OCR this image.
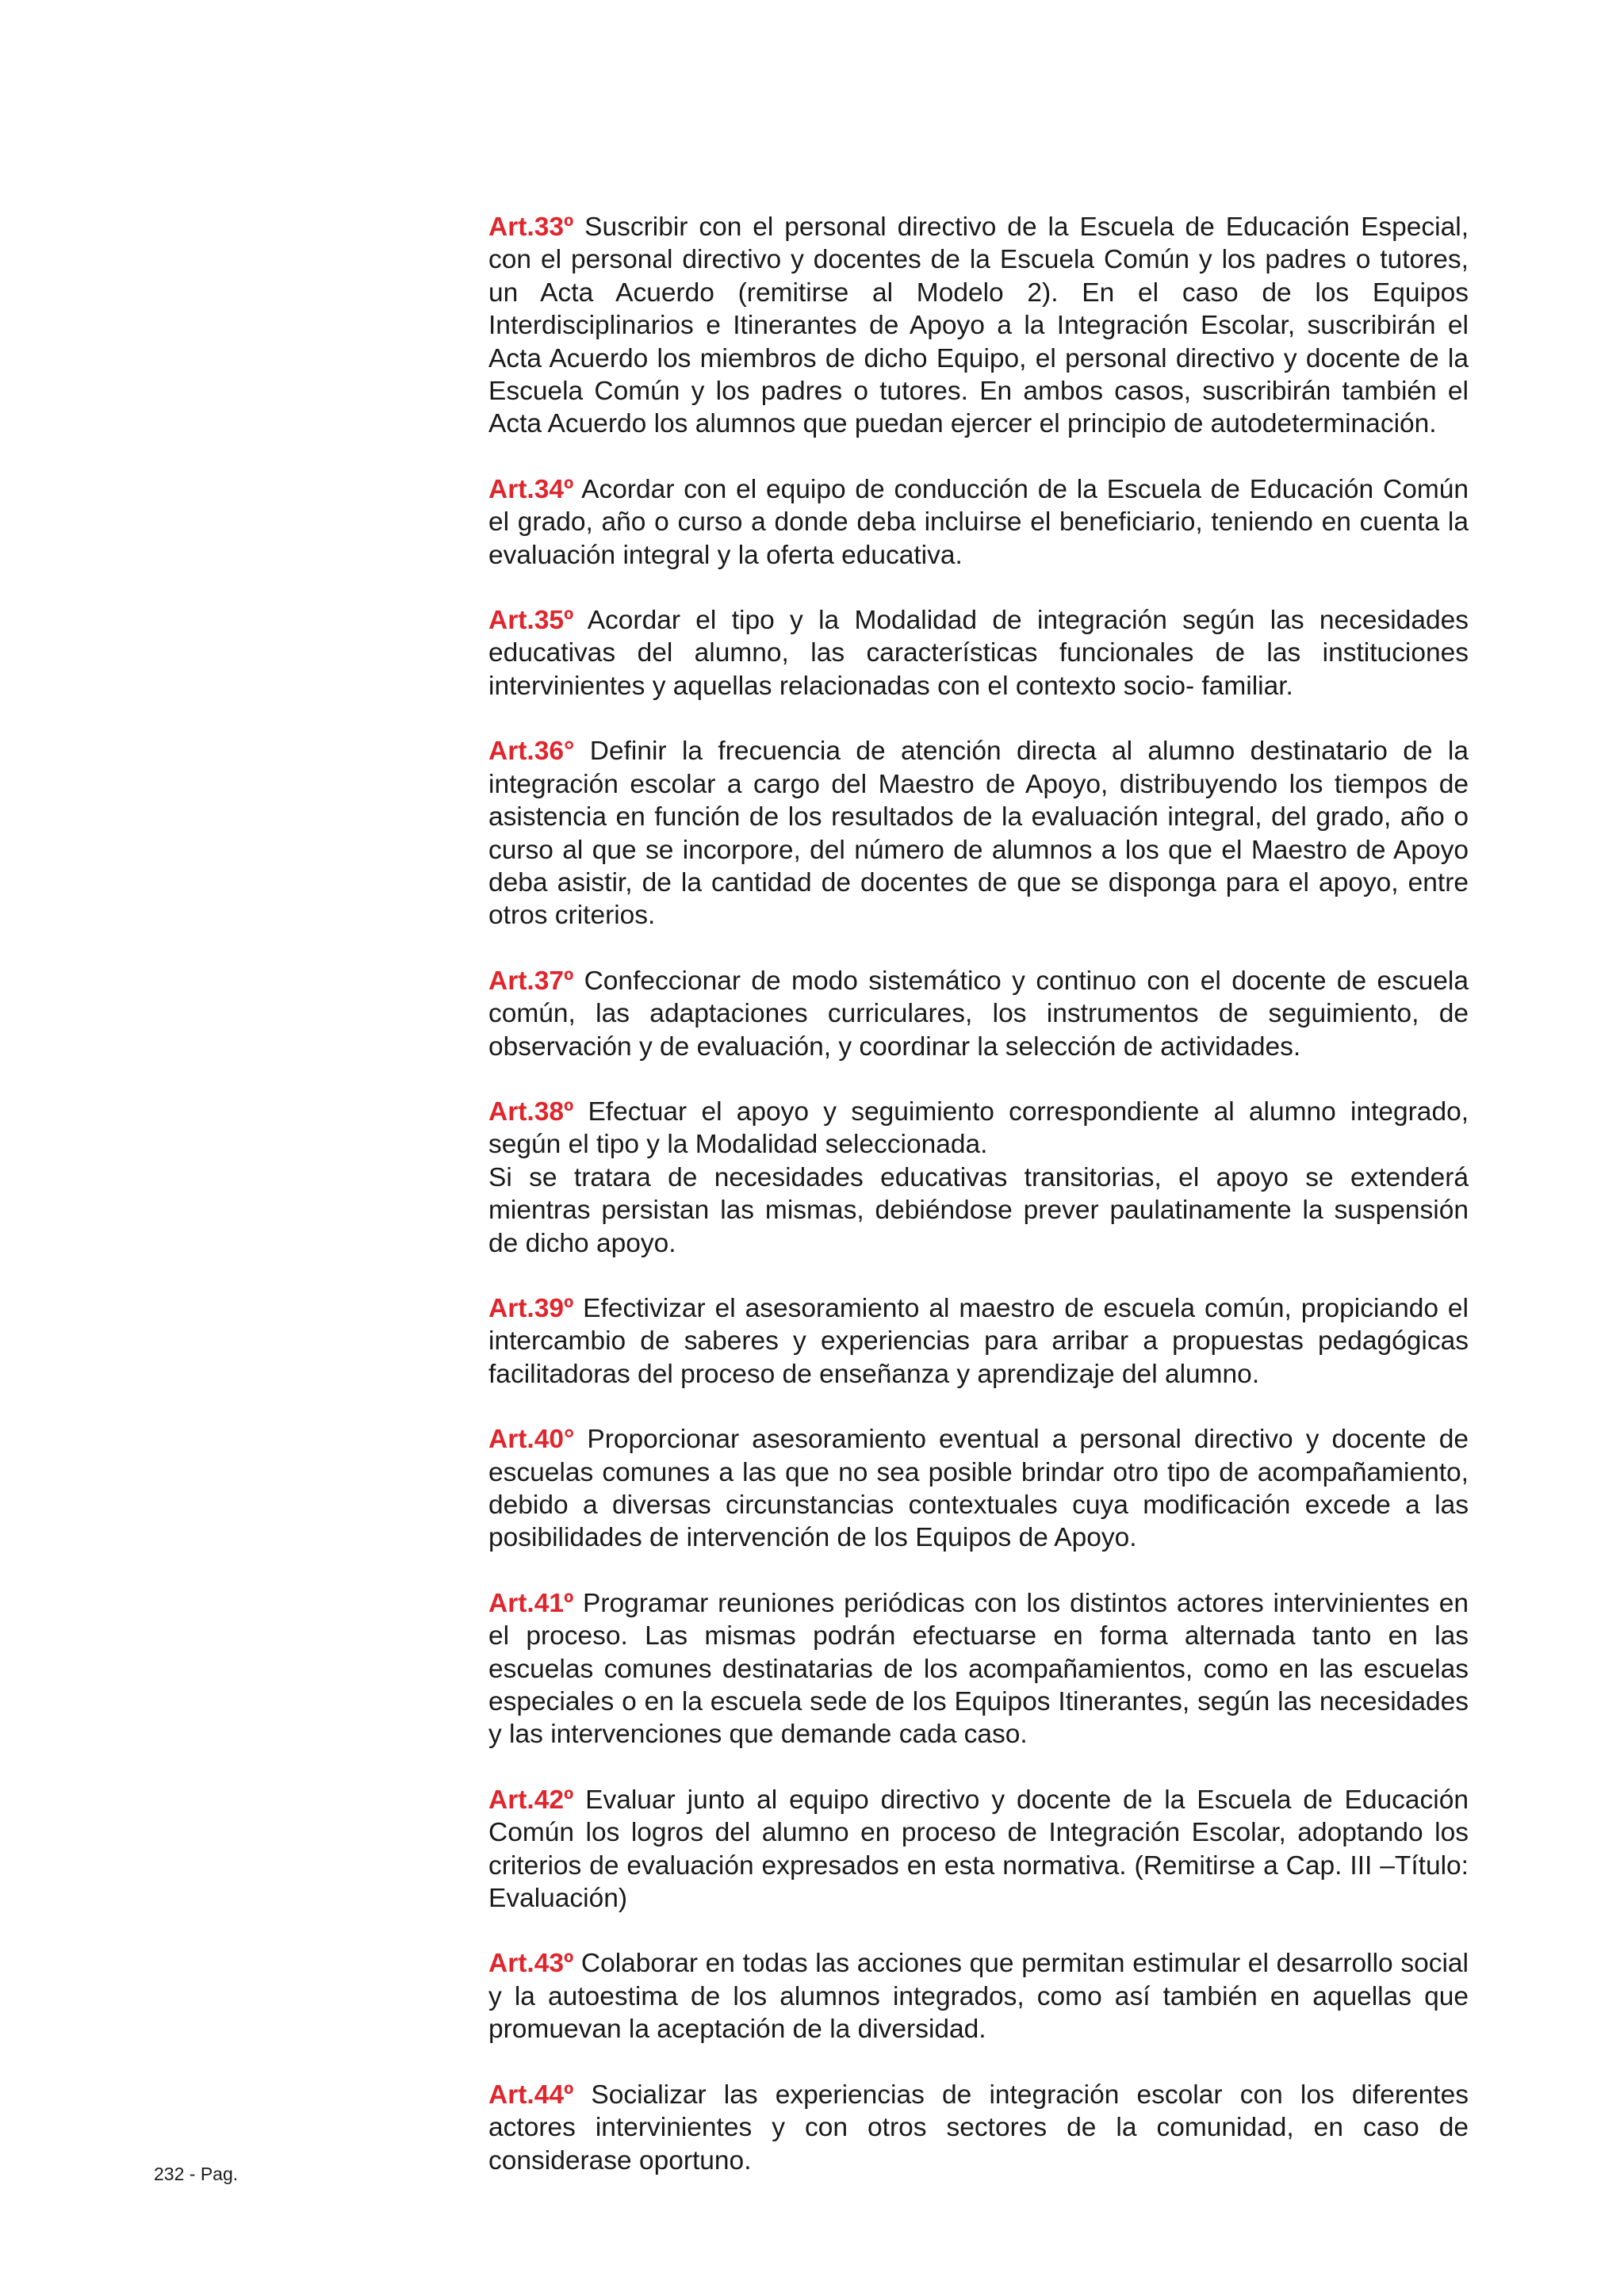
Art.33º Suscribir con el personal directivo de la Escuela de Educación Especial, con el personal directivo y docentes de la Escuela Común y los padres o tutores, un Acta Acuerdo (remitirse al Modelo 2). En el caso de los Equipos Interdisciplinarios e Itinerantes de Apoyo a la Integración Escolar, suscribirán el Acta Acuerdo los miembros de dicho Equipo, el personal directivo y docente de la Escuela Común y los padres o tutores. En ambos casos, suscribirán también el Acta Acuerdo los alumnos que puedan ejercer el principio de autodeterminación.

Art.34º Acordar con el equipo de conducción de la Escuela de Educación Común el grado, año o curso a donde deba incluirse el beneficiario, teniendo en cuenta la evaluación integral y la oferta educativa.

Art.35º Acordar el tipo y la Modalidad de integración según las necesidades educativas del alumno, las características funcionales de las instituciones intervinientes y aquellas relacionadas con el contexto socio- familiar.

Art.36° Definir la frecuencia de atención directa al alumno destinatario de la integración escolar a cargo del Maestro de Apoyo, distribuyendo los tiempos de asistencia en función de los resultados de la evaluación integral, del grado, año o curso al que se incorpore, del número de alumnos a los que el Maestro de Apoyo deba asistir, de la cantidad de docentes de que se disponga para el apoyo, entre otros criterios.

Art.37º Confeccionar de modo sistemático y continuo con el docente de escuela común, las adaptaciones curriculares, los instrumentos de seguimiento, de observación y de evaluación, y coordinar la selección de actividades.

Art.38º Efectuar el apoyo y seguimiento correspondiente al alumno integrado, según el tipo y la Modalidad seleccionada.
Si se tratara de necesidades educativas transitorias, el apoyo se extenderá mientras persistan las mismas, debiéndose prever paulatinamente la suspensión de dicho apoyo.

Art.39º Efectivizar el asesoramiento al maestro de escuela común, propiciando el intercambio de saberes y experiencias para arribar a propuestas pedagógicas facilitadoras del proceso de enseñanza y aprendizaje del alumno.

Art.40° Proporcionar asesoramiento eventual a personal directivo y docente de escuelas comunes a las que no sea posible brindar otro tipo de acompañamiento, debido a diversas circunstancias contextuales cuya modificación excede a las posibilidades de intervención de los Equipos de Apoyo.

Art.41º Programar reuniones periódicas con los distintos actores intervinientes en el proceso. Las mismas podrán efectuarse en forma alternada tanto en las escuelas comunes destinatarias de los acompañamientos, como en las escuelas especiales o en la escuela sede de los Equipos Itinerantes, según las necesidades y las intervenciones que demande cada caso.

Art.42º Evaluar junto al equipo directivo y docente de la Escuela de Educación Común los logros del alumno en proceso de Integración Escolar, adoptando los criterios de evaluación expresados en esta normativa. (Remitirse a Cap. III –Título: Evaluación)

Art.43º Colaborar en todas las acciones que permitan estimular el desarrollo social y la autoestima de los alumnos integrados, como así también en aquellas que promuevan la aceptación de la diversidad.

Art.44º Socializar las experiencias de integración escolar con los diferentes actores intervinientes y con otros sectores de la comunidad, en caso de considerase oportuno.

232 - Pag.
